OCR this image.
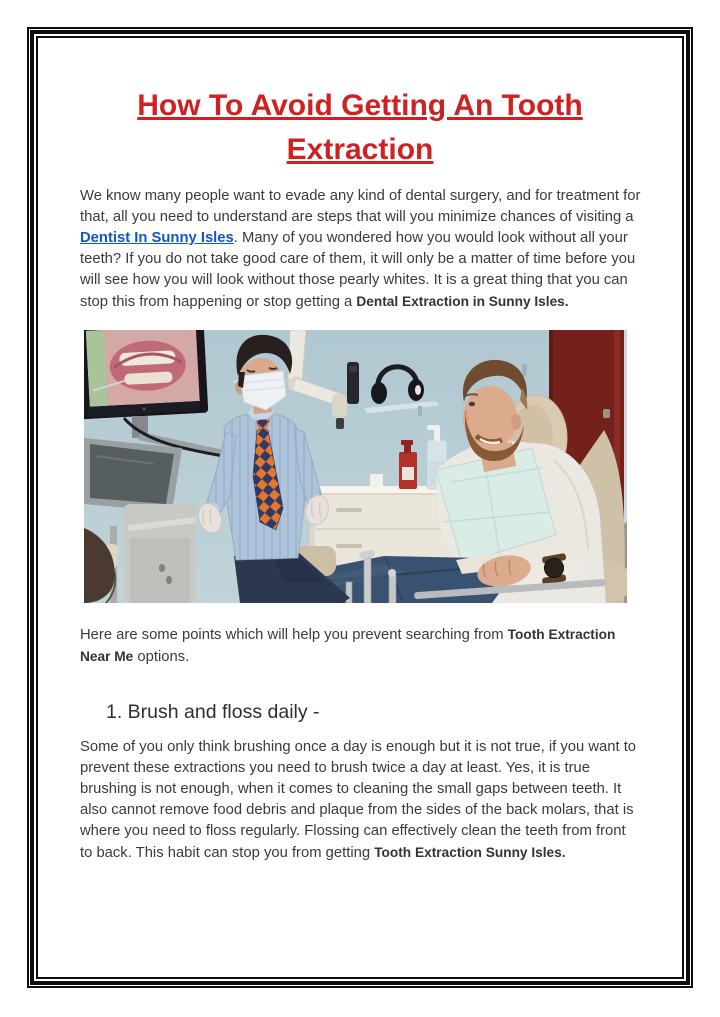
How To Avoid Getting An Tooth Extraction

We know many people want to evade any kind of dental surgery, and for treatment for that, all you need to understand are steps that will you minimize chances of visiting a Dentist In Sunny Isles. Many of you wondered how you would look without all your teeth? If you do not take good care of them, it will only be a matter of time before you will see how you will look without those pearly whites. It is a great thing that you can stop this from happening or stop getting a Dental Extraction in Sunny Isles.

Here are some points which will help you prevent searching from Tooth Extraction Near Me options.

1. Brush and floss daily -

Some of you only think brushing once a day is enough but it is not true, if you want to prevent these extractions you need to brush twice a day at least. Yes, it is true brushing is not enough, when it comes to cleaning the small gaps between teeth. It also cannot remove food debris and plaque from the sides of the back molars, that is where you need to floss regularly. Flossing can effectively clean the teeth from front to back. This habit can stop you from getting Tooth Extraction Sunny Isles.
